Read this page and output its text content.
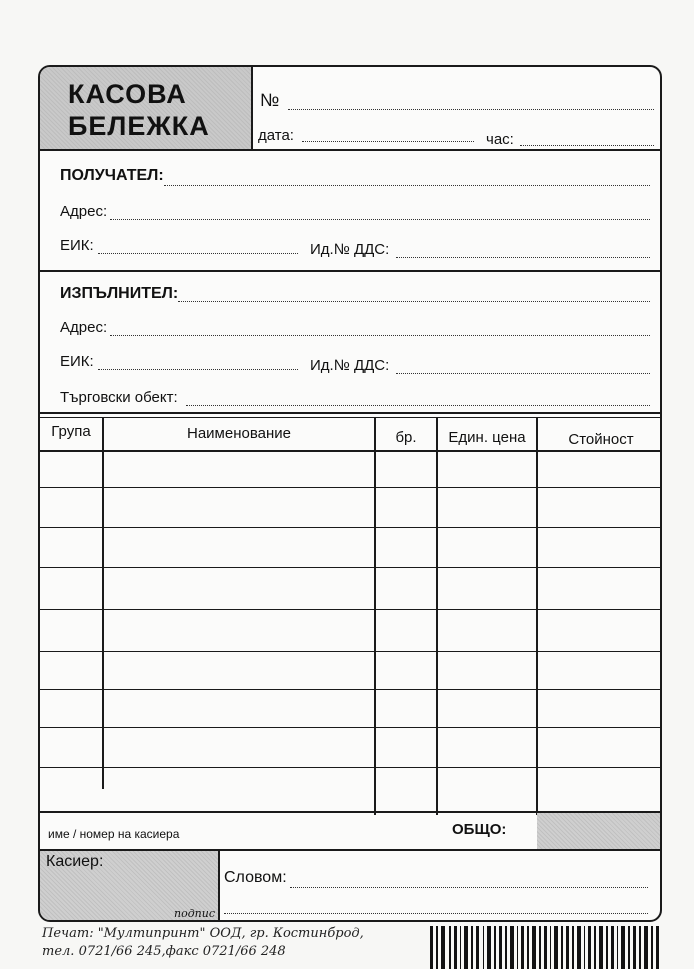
КАСОВА
БЕЛЕЖКА
№
дата:	час:
ПОЛУЧАТЕЛ:
Адрес:
ЕИК:	Ид.№ ДДС:
ИЗПЪЛНИТЕЛ:
Адрес:
ЕИК:	Ид.№ ДДС:
Търговски обект:
Група	Наименование	бр.	Един. цена	Стойност
име / номер на касиера	ОБЩО:
Касиер:
подпис
Словом:
Печат: "Мултипринт" ООД, гр. Костинброд,
тел. 0721/66 245,факс 0721/66 248
